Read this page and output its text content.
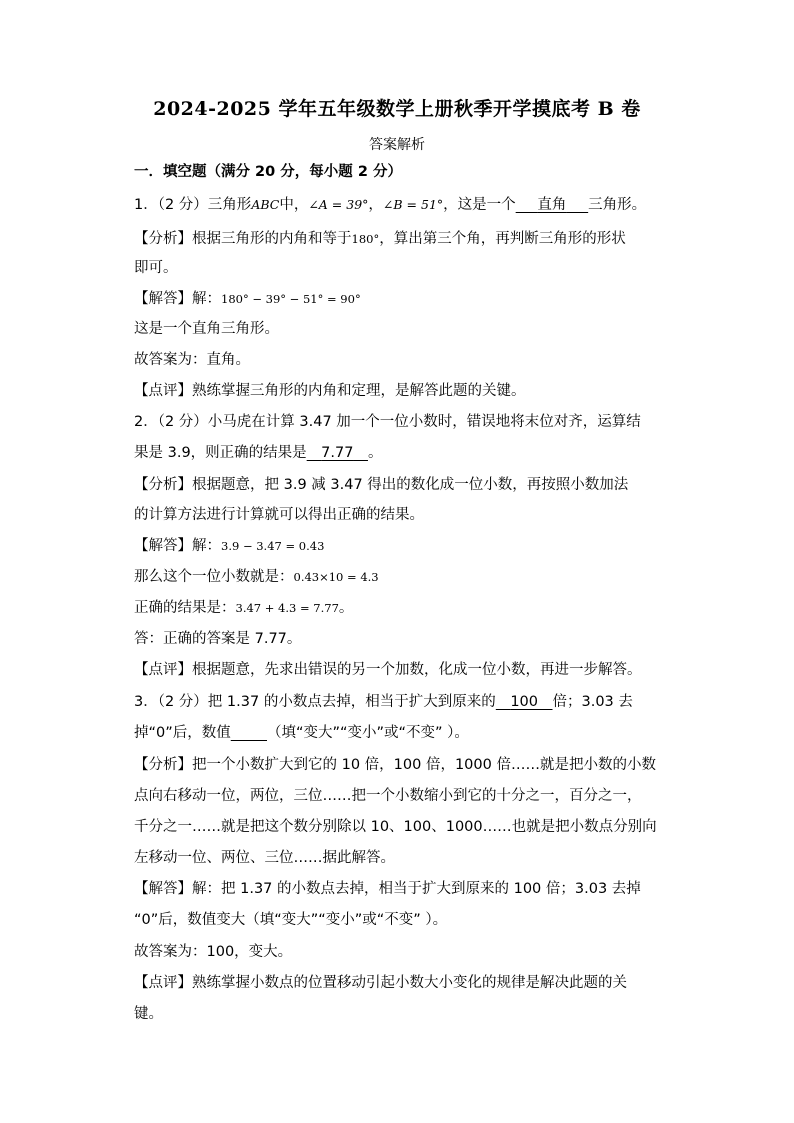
2024-2025 学年五年级数学上册秋季开学摸底考 B 卷
答案解析
一．填空题（满分 20 分，每小题 2 分）
1．（2 分）三角形ABC中，∠A = 39°，∠B = 51°，这是一个   直角   三角形。
【分析】根据三角形的内角和等于180°，算出第三个角，再判断三角形的形状
即可。
【解答】解：180° − 39° − 51° = 90°
这是一个直角三角形。
故答案为：直角。
【点评】熟练掌握三角形的内角和定理，是解答此题的关键。
2．（2 分）小马虎在计算 3.47 加一个一位小数时，错误地将末位对齐，运算结
果是 3.9，则正确的结果是  7.77  。
【分析】根据题意，把 3.9 减 3.47 得出的数化成一位小数，再按照小数加法
的计算方法进行计算就可以得出正确的结果。
【解答】解：3.9 − 3.47 = 0.43
那么这个一位小数就是：0.43×10 = 4.3
正确的结果是：3.47 + 4.3 = 7.77。
答：正确的答案是 7.77。
【点评】根据题意，先求出错误的另一个加数，化成一位小数，再进一步解答。
3．（2 分）把 1.37 的小数点去掉，相当于扩大到原来的   100   倍；3.03 去
掉“0”后，数值   	（填“变大”“变小”或“不变” ）。
【分析】把一个小数扩大到它的 10 倍，100 倍，1000 倍……就是把小数的小数
点向右移动一位，两位，三位……把一个小数缩小到它的十分之一，百分之一，
千分之一……就是把这个数分别除以 10、100、1000……也就是把小数点分别向
左移动一位、两位、三位……据此解答。
【解答】解：把 1.37 的小数点去掉，相当于扩大到原来的 100 倍；3.03 去掉
“0”后，数值变大（填“变大”“变小”或“不变” ）。
故答案为：100，变大。
【点评】熟练掌握小数点的位置移动引起小数大小变化的规律是解决此题的关
键。
